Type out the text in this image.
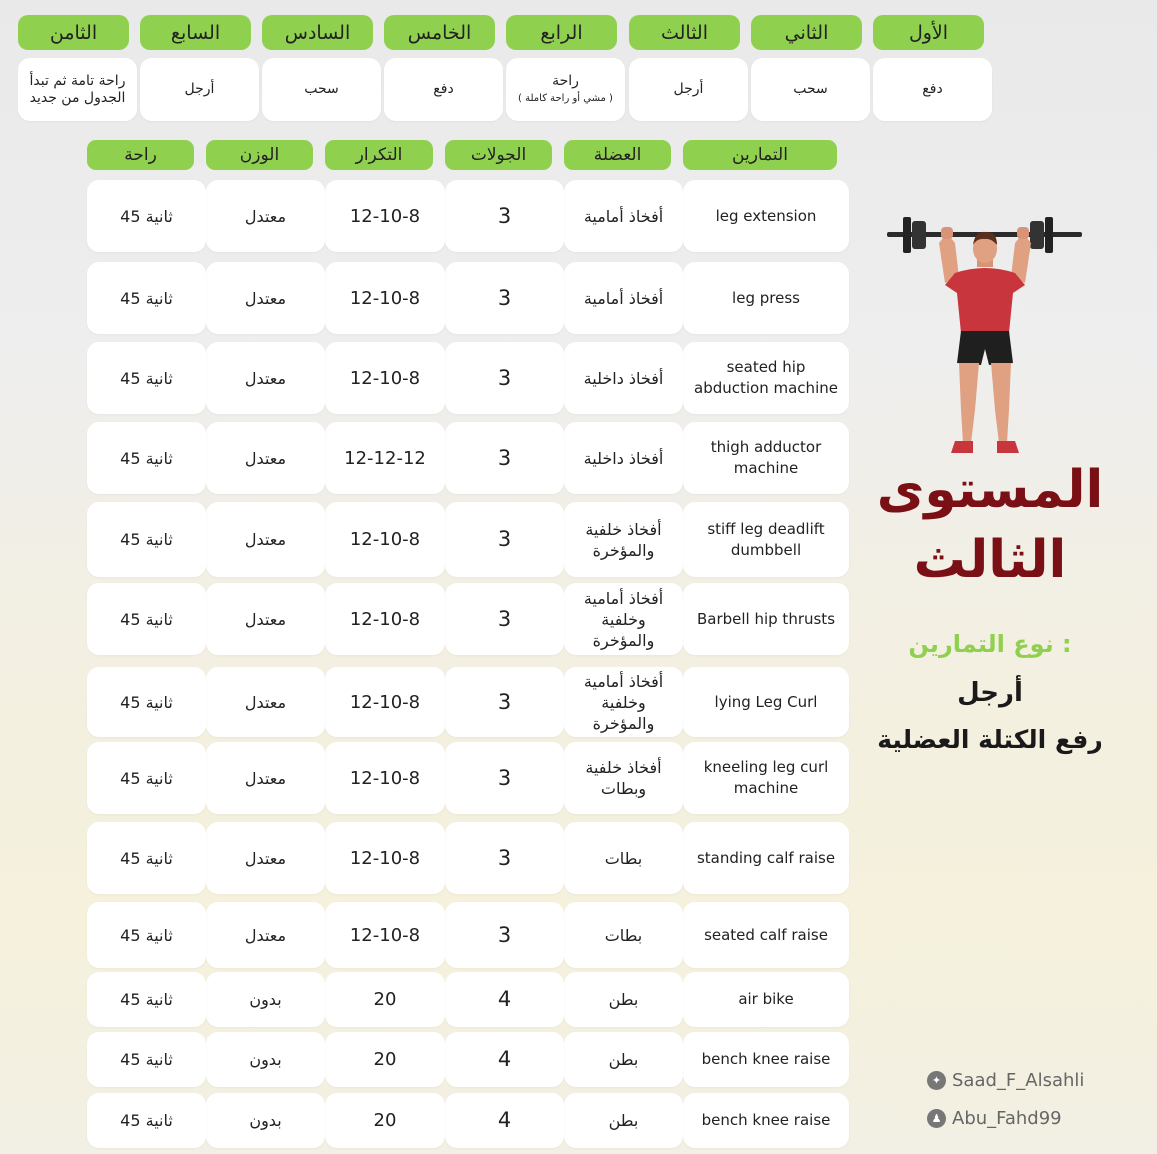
الأول
دفع
الثاني
سحب
الثالث
أرجل
الرابع
راحة
( مشي أو راحة كاملة )
الخامس
دفع
السادس
سحب
السابع
أرجل
الثامن
راحة تامة ثم تبدأ الجدول من جديد
التمارين
العضلة
الجولات
التكرار
الوزن
راحة
leg extension
أفخاذ أمامية
3
12-10-8
معتدل
45 ثانية
leg press
أفخاذ أمامية
3
12-10-8
معتدل
45 ثانية
seated hip abduction machine
أفخاذ داخلية
3
12-10-8
معتدل
45 ثانية
thigh adductor machine
أفخاذ داخلية
3
12-12-12
معتدل
45 ثانية
stiff leg deadlift dumbbell
أفخاذ خلفية والمؤخرة
3
12-10-8
معتدل
45 ثانية
Barbell hip thrusts
أفخاذ أمامية وخلفية والمؤخرة
3
12-10-8
معتدل
45 ثانية
lying Leg Curl
أفخاذ أمامية وخلفية والمؤخرة
3
12-10-8
معتدل
45 ثانية
kneeling leg curl machine
أفخاذ خلفية وبطات
3
12-10-8
معتدل
45 ثانية
standing calf raise
بطات
3
12-10-8
معتدل
45 ثانية
seated calf raise
بطات
3
12-10-8
معتدل
45 ثانية
air bike
بطن
4
20
بدون
45 ثانية
bench knee raise
بطن
4
20
بدون
45 ثانية
bench knee raise
بطن
4
20
بدون
45 ثانية
المستوى
الثالث
نوع التمارين :
أرجل
رفع الكتلة العضلية
✦ Saad_F_Alsahli
♟ Abu_Fahd99
